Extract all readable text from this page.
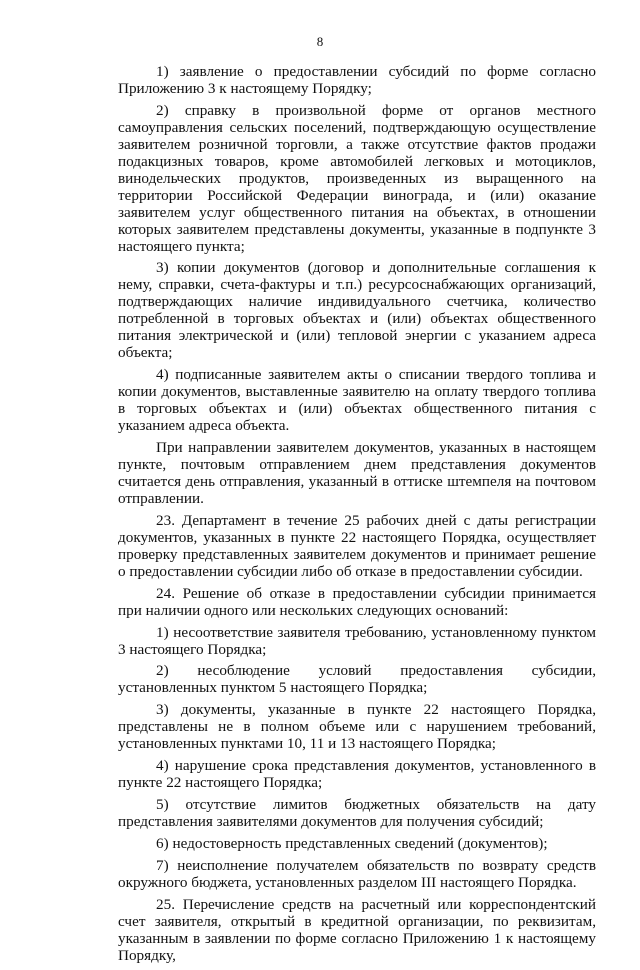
8

1) заявление о предоставлении субсидий по форме согласно Приложению 3 к настоящему Порядку;

2) справку в произвольной форме от органов местного самоуправления сельских поселений, подтверждающую осуществление заявителем розничной торговли, а также отсутствие фактов продажи подакцизных товаров, кроме автомобилей легковых и мотоциклов, винодельческих продуктов, произведенных из выращенного на территории Российской Федерации винограда, и (или) оказание заявителем услуг общественного питания на объектах, в отношении которых заявителем представлены документы, указанные в подпункте 3 настоящего пункта;

3) копии документов (договор и дополнительные соглашения к нему, справки, счета-фактуры и т.п.) ресурсоснабжающих организаций, подтверждающих наличие индивидуального счетчика, количество потребленной в торговых объектах и (или) объектах общественного питания электрической и (или) тепловой энергии с указанием адреса объекта;

4) подписанные заявителем акты о списании твердого топлива и копии документов, выставленные заявителю на оплату твердого топлива в торговых объектах и (или) объектах общественного питания с указанием адреса объекта.

При направлении заявителем документов, указанных в настоящем пункте, почтовым отправлением днем представления документов считается день отправления, указанный в оттиске штемпеля на почтовом отправлении.

23. Департамент в течение 25 рабочих дней с даты регистрации документов, указанных в пункте 22 настоящего Порядка, осуществляет проверку представленных заявителем документов и принимает решение о предоставлении субсидии либо об отказе в предоставлении субсидии.

24. Решение об отказе в предоставлении субсидии принимается при наличии одного или нескольких следующих оснований:

1) несоответствие заявителя требованию, установленному пунктом 3 настоящего Порядка;

2) несоблюдение условий предоставления субсидии, установленных пунктом 5 настоящего Порядка;

3) документы, указанные в пункте 22 настоящего Порядка, представлены не в полном объеме или с нарушением требований, установленных пунктами 10, 11 и 13 настоящего Порядка;

4) нарушение срока представления документов, установленного в пункте 22 настоящего Порядка;

5) отсутствие лимитов бюджетных обязательств на дату представления заявителями документов для получения субсидий;

6) недостоверность представленных сведений (документов);

7) неисполнение получателем обязательств по возврату средств окружного бюджета, установленных разделом III настоящего Порядка.

25. Перечисление средств на расчетный или корреспондентский счет заявителя, открытый в кредитной организации, по реквизитам, указанным в заявлении по форме согласно Приложению 1 к настоящему Порядку,
